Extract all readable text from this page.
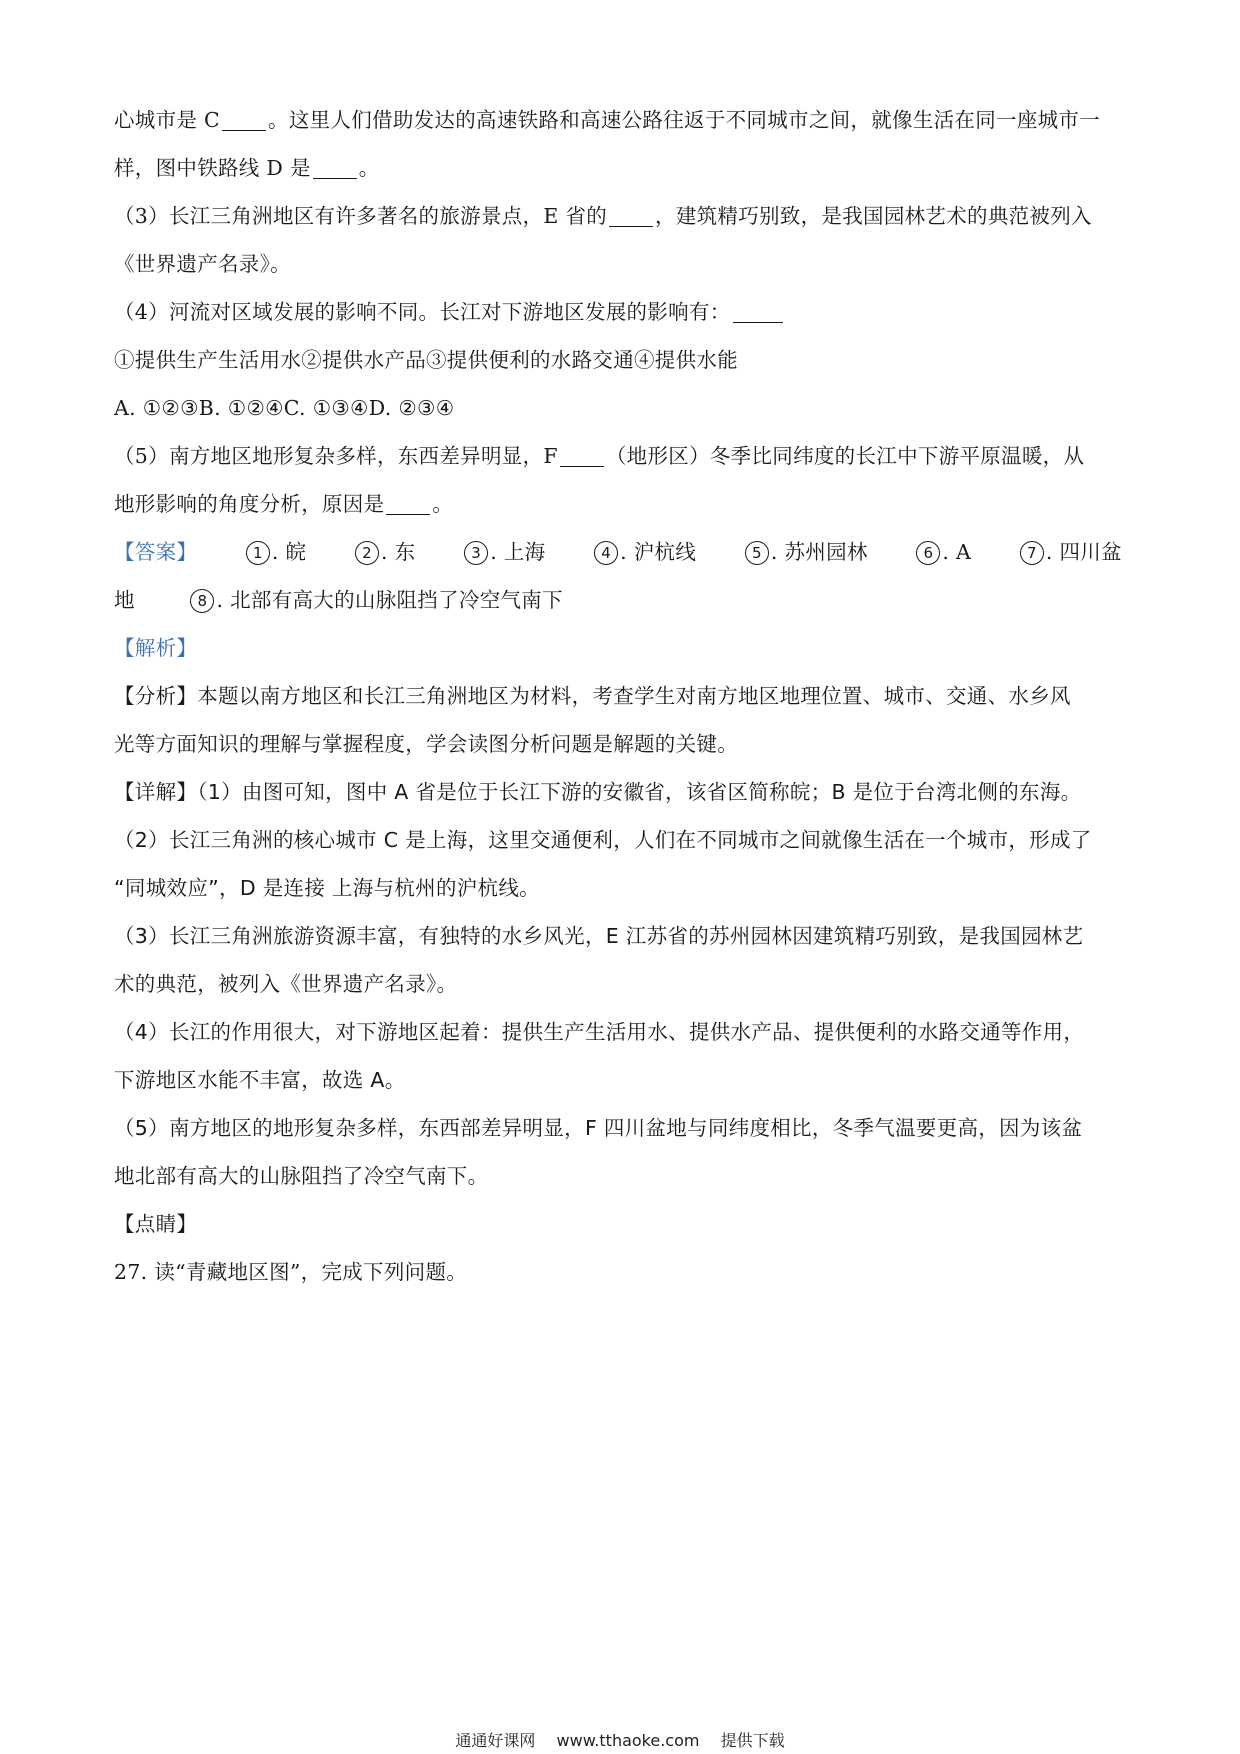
心城市是 C 。这里人们借助发达的高速铁路和高速公路往返于不同城市之间，就像生活在同一座城市一
样，图中铁路线 D 是 。
（3）长江三角洲地区有许多著名的旅游景点，E 省的 ，建筑精巧别致，是我国园林艺术的典范被列入
《世界遗产名录》。
（4）河流对区域发展的影响不同。长江对下游地区发展的影响有：
①提供生产生活用水②提供水产品③提供便利的水路交通④提供水能
A. ①②③B. ①②④C. ①③④D. ②③④
（5）南方地区地形复杂多样，东西差异明显，F （地形区）冬季比同纬度的长江中下游平原温暖，从
地形影响的角度分析，原因是 。
【答案】	1 . 皖	2 . 东	3 . 上海	4 . 沪杭线	5 . 苏州园林	6 . A	7 . 四川盆
地	8 . 北部有高大的山脉阻挡了冷空气南下
【解析】
【分析】本题以南方地区和长江三角洲地区为材料，考查学生对南方地区地理位置、城市、交通、水乡风
光等方面知识的理解与掌握程度，学会读图分析问题是解题的关键。
【详解】（1）由图可知，图中 A 省是位于长江下游的安徽省，该省区简称皖；B 是位于台湾北侧的东海。
（2）长江三角洲的核心城市 C 是上海，这里交通便利，人们在不同城市之间就像生活在一个城市，形成了
“同城效应”，D 是连接 上海与杭州的沪杭线。
（3）长江三角洲旅游资源丰富，有独特的水乡风光，E 江苏省的苏州园林因建筑精巧别致，是我国园林艺
术的典范，被列入《世界遗产名录》。
（4）长江的作用很大，对下游地区起着：提供生产生活用水、提供水产品、提供便利的水路交通等作用，
下游地区水能不丰富，故选 A。
（5）南方地区的地形复杂多样，东西部差异明显，F 四川盆地与同纬度相比，冬季气温要更高，因为该盆
地北部有高大的山脉阻挡了冷空气南下。
【点睛】
27. 读“青藏地区图”，完成下列问题。
通通好课网 www.tthaoke.com 提供下载
